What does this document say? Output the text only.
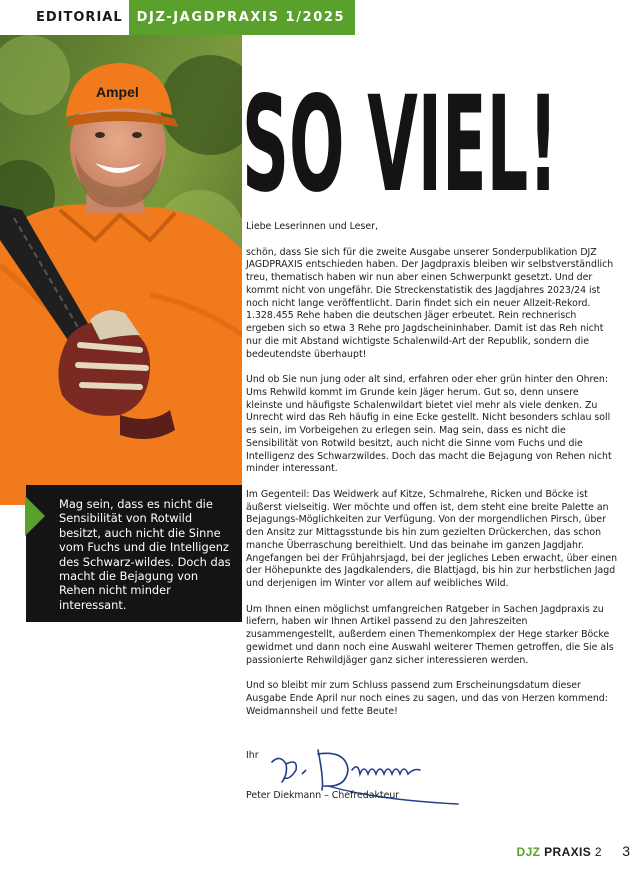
EDITORIAL	DJZ-JAGDPRAXIS 1/2025
Ampel
Mag sein, dass es nicht die Sensibilität von Rotwild besitzt, auch nicht die Sinne vom Fuchs und die Intelligenz des Schwarz-wildes. Doch das macht die Bejagung von Rehen nicht minder interessant.
SO VIEL!

Liebe Leserinnen und Leser,

schön, dass Sie sich für die zweite Ausgabe unserer Sonderpublikation DJZ JAGDPRAXIS entschieden haben. Der Jagdpraxis bleiben wir selbstverständlich treu, thematisch haben wir nun aber einen Schwerpunkt gesetzt. Und der kommt nicht von ungefähr. Die Streckenstatistik des Jagdjahres 2023/24 ist noch nicht lange veröffentlicht. Darin findet sich ein neuer Allzeit-Rekord. 1.328.455 Rehe haben die deutschen Jäger erbeutet. Rein rechnerisch ergeben sich so etwa 3 Rehe pro Jagdscheininhaber. Damit ist das Reh nicht nur die mit Abstand wichtigste Schalenwild-Art der Republik, sondern die bedeutendste überhaupt!

Und ob Sie nun jung oder alt sind, erfahren oder eher grün hinter den Ohren: Ums Rehwild kommt im Grunde kein Jäger herum. Gut so, denn unsere kleinste und häufigste Schalenwildart bietet viel mehr als viele denken. Zu Unrecht wird das Reh häufig in eine Ecke gestellt. Nicht besonders schlau soll es sein, im Vorbeigehen zu erlegen sein. Mag sein, dass es nicht die Sensibilität von Rotwild besitzt, auch nicht die Sinne vom Fuchs und die Intelligenz des Schwarzwildes. Doch das macht die Bejagung von Rehen nicht minder interessant.

Im Gegenteil: Das Weidwerk auf Kitze, Schmalrehe, Ricken und Böcke ist äußerst vielseitig. Wer möchte und offen ist, dem steht eine breite Palette an Bejagungs-Möglichkeiten zur Verfügung. Von der morgendlichen Pirsch, über den Ansitz zur Mittagsstunde bis hin zum gezielten Drückerchen, das schon manche Überraschung bereithielt. Und das beinahe im ganzen Jagdjahr. Angefangen bei der Frühjahrsjagd, bei der jegliches Leben erwacht, über einen der Höhepunkte des Jagdkalenders, die Blattjagd, bis hin zur herbstlichen Jagd und derjenigen im Winter vor allem auf weibliches Wild.

Um Ihnen einen möglichst umfangreichen Ratgeber in Sachen Jagdpraxis zu liefern, haben wir Ihnen Artikel passend zu den Jahreszeiten zusammengestellt, außerdem einen Themenkomplex der Hege starker Böcke gewidmet und dann noch eine Auswahl weiterer Themen getroffen, die Sie als passionierte Rehwildjäger ganz sicher interessieren werden.

Und so bleibt mir zum Schluss passend zum Erscheinungsdatum dieser Ausgabe Ende April nur noch eines zu sagen, und das von Herzen kommend: Weidmannsheil und fette Beute!

Ihr
Peter Diekmann – Chefredakteur
DJZ PRAXIS 2 3
